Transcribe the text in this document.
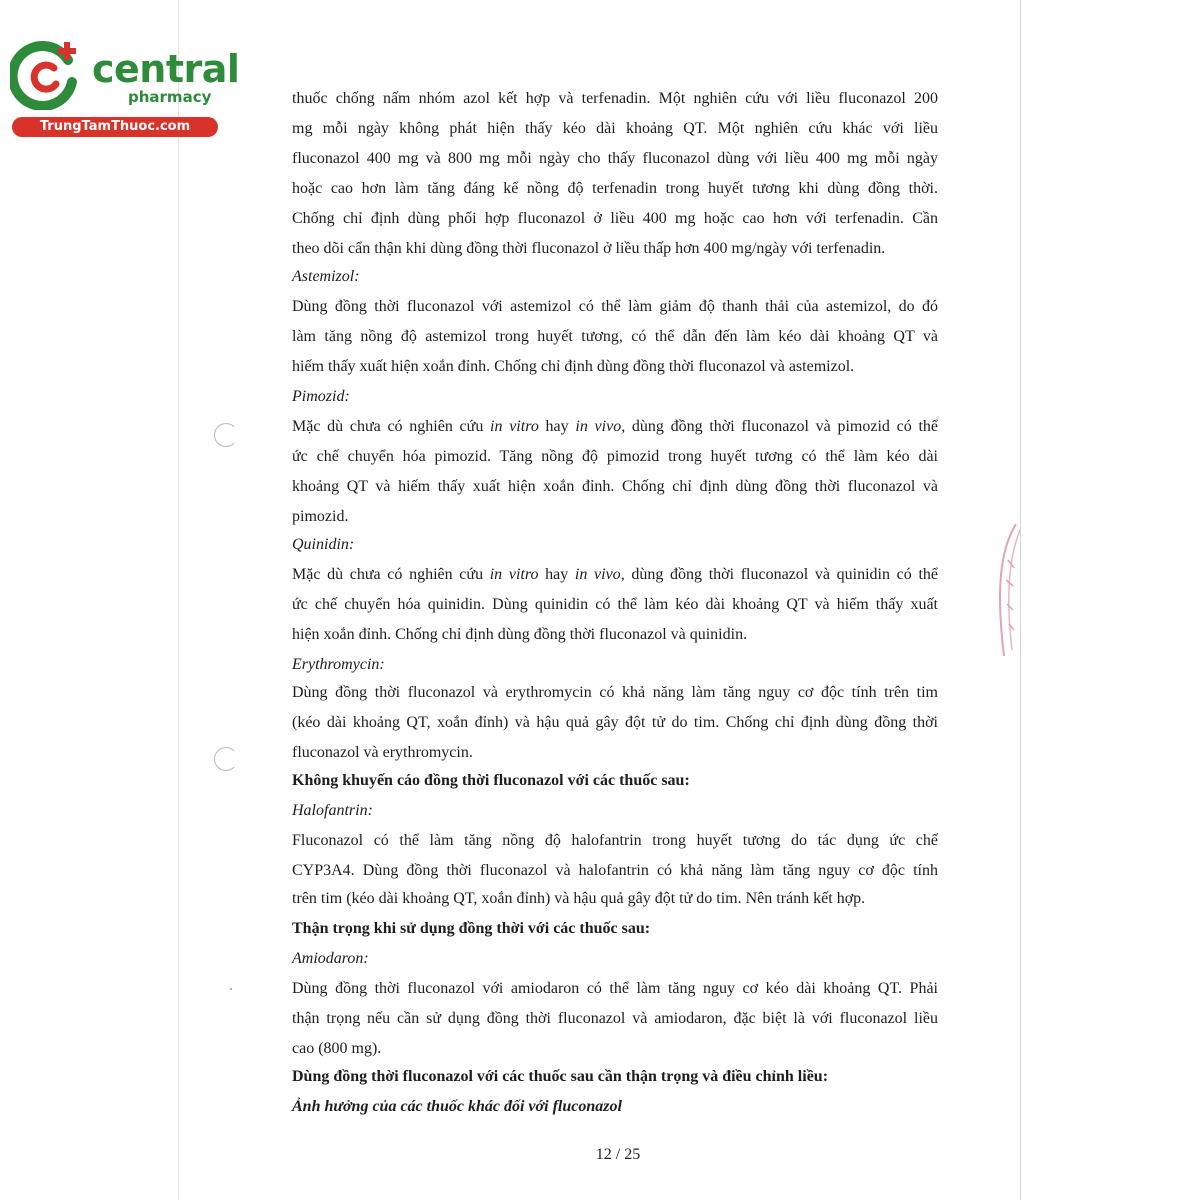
central
pharmacy
TrungTamThuoc.com
thuốc chống nấm nhóm azol kết hợp và terfenadin. Một nghiên cứu với liều fluconazol 200
mg mỗi ngày không phát hiện thấy kéo dài khoảng QT. Một nghiên cứu khác với liều
fluconazol 400 mg và 800 mg mỗi ngày cho thấy fluconazol dùng với liều 400 mg mỗi ngày
hoặc cao hơn làm tăng đáng kể nồng độ terfenadin trong huyết tương khi dùng đồng thời.
Chống chỉ định dùng phối hợp fluconazol ở liều 400 mg hoặc cao hơn với terfenadin. Cần
theo dõi cẩn thận khi dùng đồng thời fluconazol ở liều thấp hơn 400 mg/ngày với terfenadin.
Astemizol:
Dùng đồng thời fluconazol với astemizol có thể làm giảm độ thanh thải của astemizol, do đó
làm tăng nồng độ astemizol trong huyết tương, có thể dẫn đến làm kéo dài khoảng QT và
hiếm thấy xuất hiện xoắn đỉnh. Chống chỉ định dùng đồng thời fluconazol và astemizol.
Pimozid:
Mặc dù chưa có nghiên cứu in vitro hay in vivo, dùng đồng thời fluconazol và pimozid có thể
ức chế chuyển hóa pimozid. Tăng nồng độ pimozid trong huyết tương có thể làm kéo dài
khoảng QT và hiếm thấy xuất hiện xoắn đỉnh. Chống chỉ định dùng đồng thời fluconazol và
pimozid.
Quinidin:
Mặc dù chưa có nghiên cứu in vitro hay in vivo, dùng đồng thời fluconazol và quinidin có thể
ức chế chuyển hóa quinidin. Dùng quinidin có thể làm kéo dài khoảng QT và hiếm thấy xuất
hiện xoắn đỉnh. Chống chỉ định dùng đồng thời fluconazol và quinidin.
Erythromycin:
Dùng đồng thời fluconazol và erythromycin có khả năng làm tăng nguy cơ độc tính trên tim
(kéo dài khoảng QT, xoắn đỉnh) và hậu quả gây đột tử do tim. Chống chỉ định dùng đồng thời
fluconazol và erythromycin.
Không khuyến cáo đồng thời fluconazol với các thuốc sau:
Halofantrin:
Fluconazol có thể làm tăng nồng độ halofantrin trong huyết tương do tác dụng ức chế
CYP3A4. Dùng đồng thời fluconazol và halofantrin có khả năng làm tăng nguy cơ độc tính
trên tim (kéo dài khoảng QT, xoắn đỉnh) và hậu quả gây đột tử do tim. Nên tránh kết hợp.
Thận trọng khi sử dụng đồng thời với các thuốc sau:
Amiodaron:
Dùng đồng thời fluconazol với amiodaron có thể làm tăng nguy cơ kéo dài khoảng QT. Phải
thận trọng nếu cần sử dụng đồng thời fluconazol và amiodaron, đặc biệt là với fluconazol liều
cao (800 mg).
Dùng đồng thời fluconazol với các thuốc sau cần thận trọng và điều chỉnh liều:
Ảnh hưởng của các thuốc khác đối với fluconazol
12 / 25
